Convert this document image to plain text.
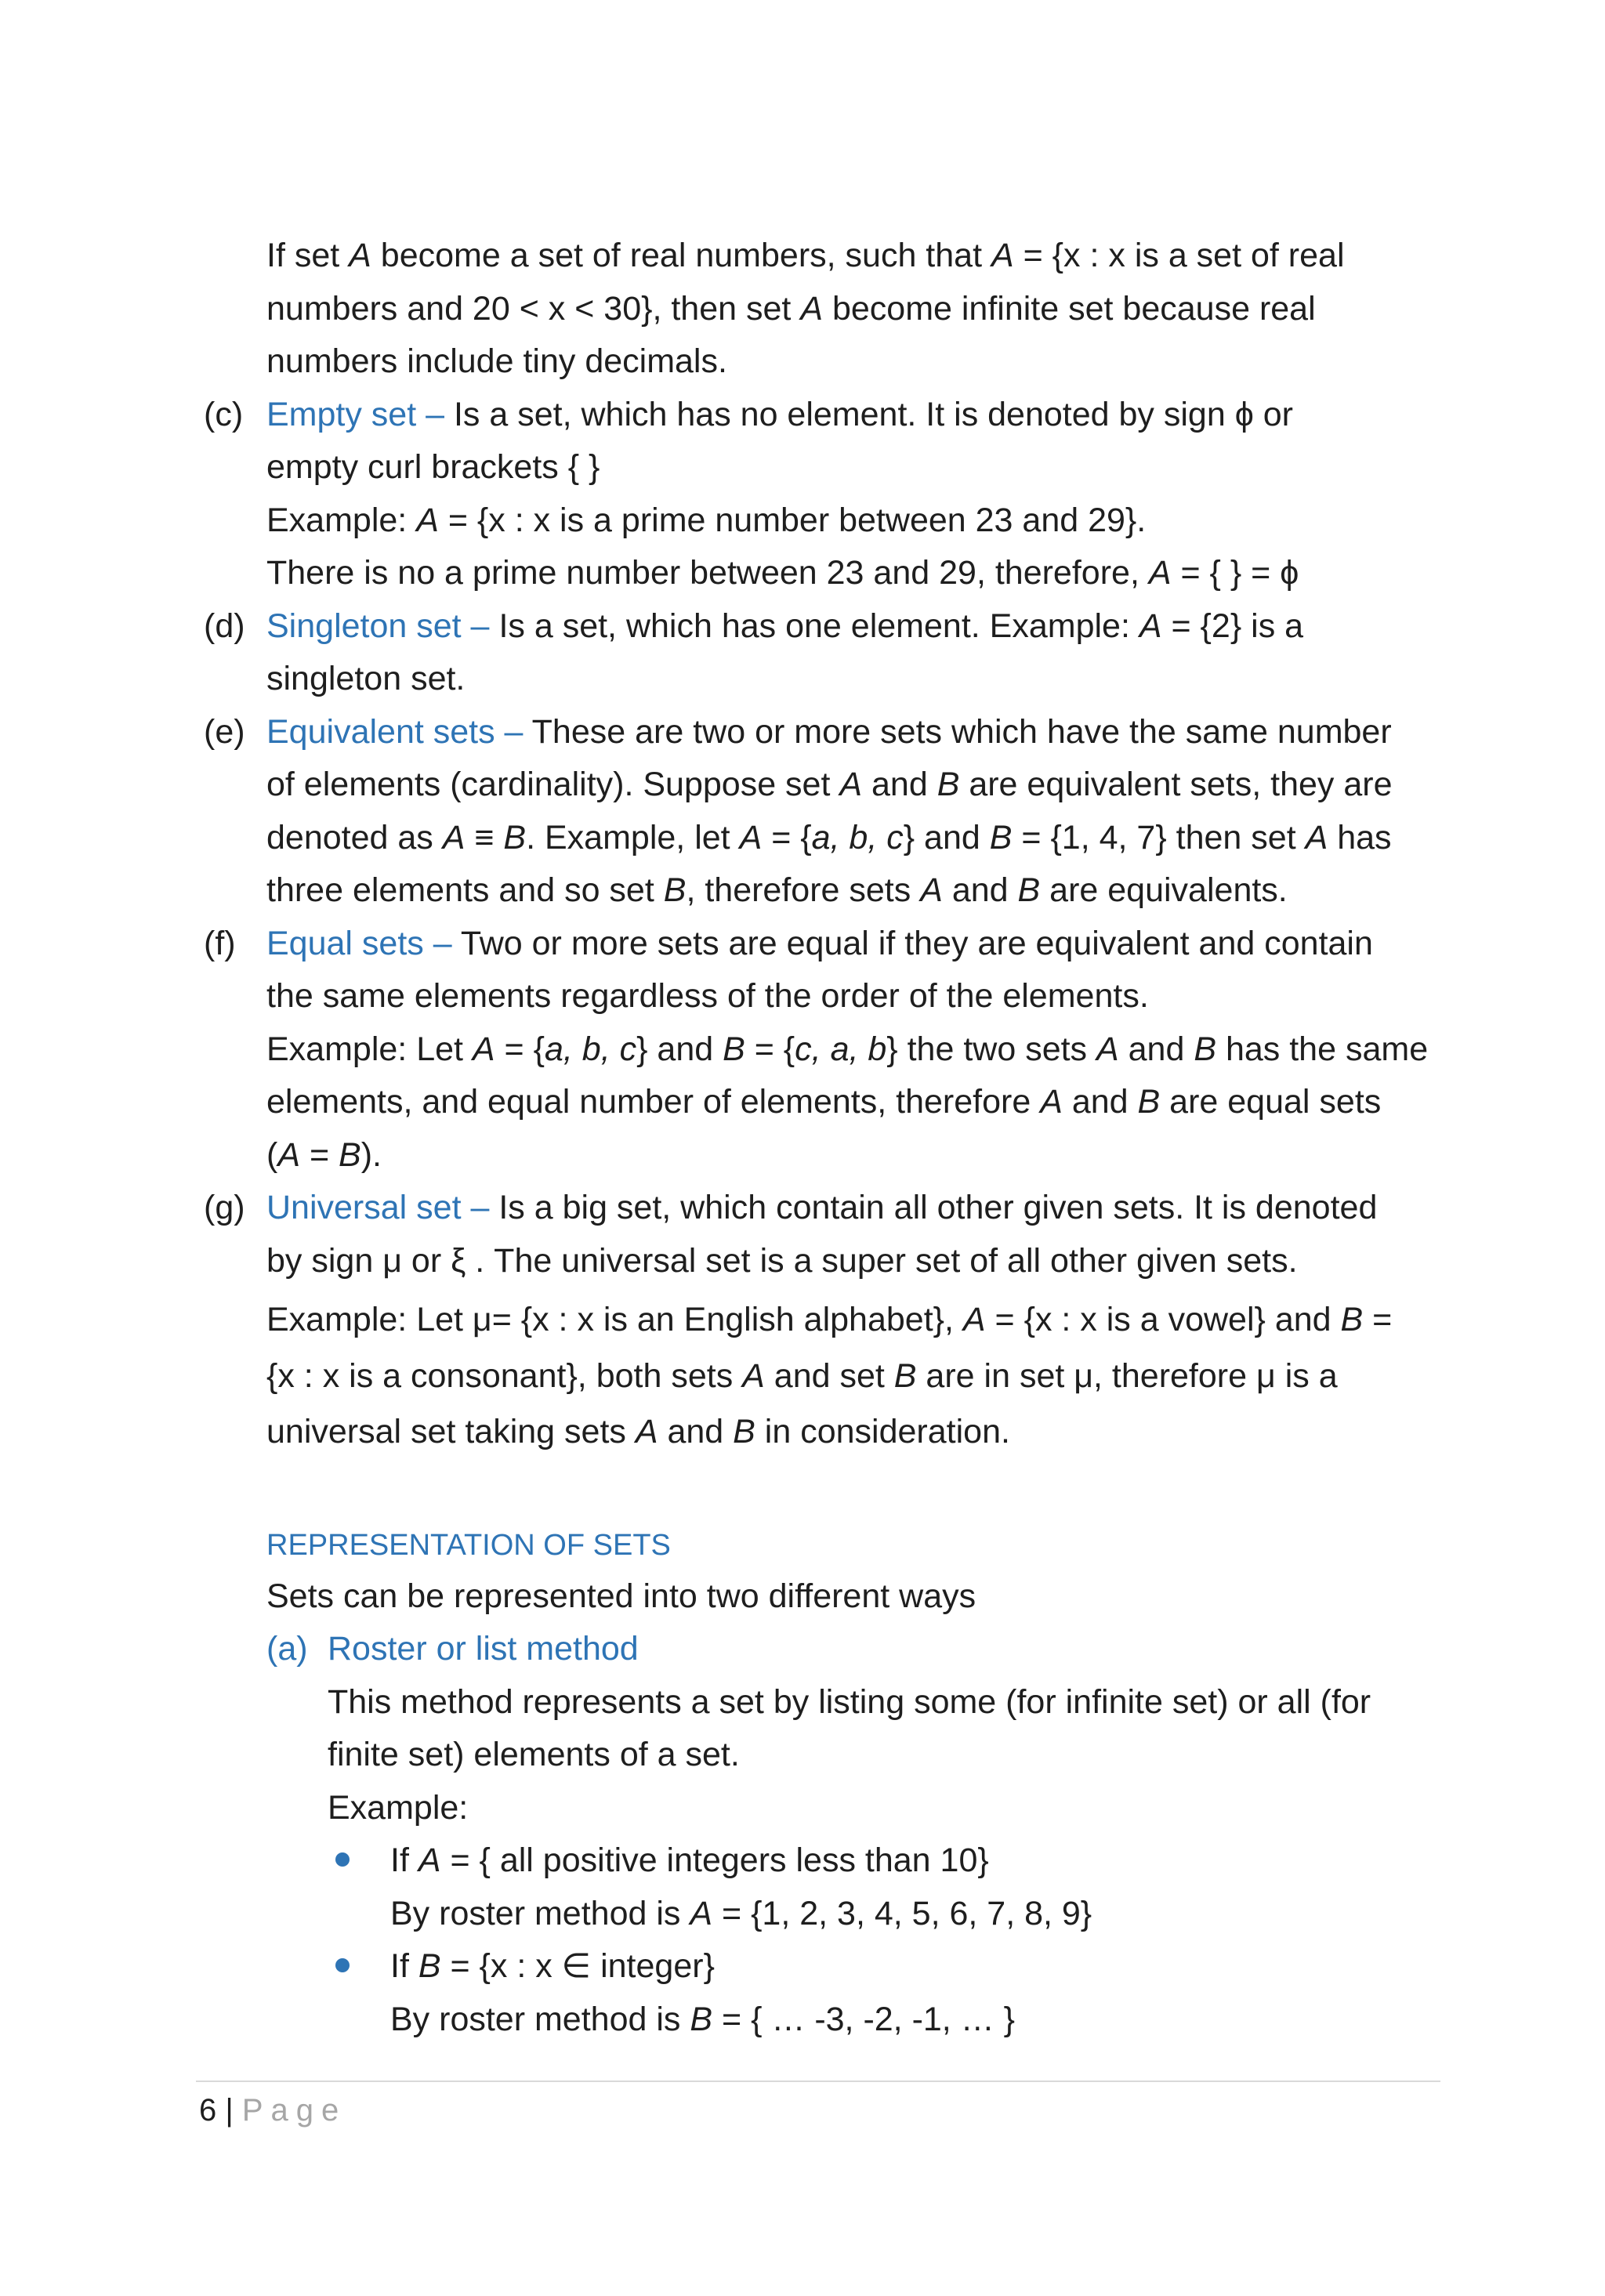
If set A become a set of real numbers, such that A = {x : x is a set of real
numbers and 20 < x < 30}, then set A become infinite set because real
numbers include tiny decimals.
(c) Empty set – Is a set, which has no element. It is denoted by sign ϕ or
empty curl brackets { }
Example: A = {x : x is a prime number between 23 and 29}.
There is no a prime number between 23 and 29, therefore, A = { } = ϕ
(d) Singleton set – Is a set, which has one element. Example: A = {2} is a
singleton set.
(e) Equivalent sets – These are two or more sets which have the same number
of elements (cardinality). Suppose set A and B are equivalent sets, they are
denoted as A ≡ B. Example, let A = {a, b, c} and B = {1, 4, 7} then set A has
three elements and so set B, therefore sets A and B are equivalents.
(f) Equal sets – Two or more sets are equal if they are equivalent and contain
the same elements regardless of the order of the elements.
Example: Let A = {a, b, c} and B = {c, a, b} the two sets A and B has the same
elements, and equal number of elements, therefore A and B are equal sets
(A = B).
(g) Universal set – Is a big set, which contain all other given sets. It is denoted
by sign μ or ξ . The universal set is a super set of all other given sets.
Example: Let μ= {x : x is an English alphabet}, A = {x : x is a vowel} and B =
{x : x is a consonant}, both sets A and set B are in set μ, therefore μ is a
universal set taking sets A and B in consideration.
REPRESENTATION OF SETS
Sets can be represented into two different ways
(a) Roster or list method
This method represents a set by listing some (for infinite set) or all (for
finite set) elements of a set.
Example:
If A = { all positive integers less than 10}
By roster method is A = {1, 2, 3, 4, 5, 6, 7, 8, 9}
If B = {x : x ∈ integer}
By roster method is B = { … -3, -2, -1, … }
6 | Page
